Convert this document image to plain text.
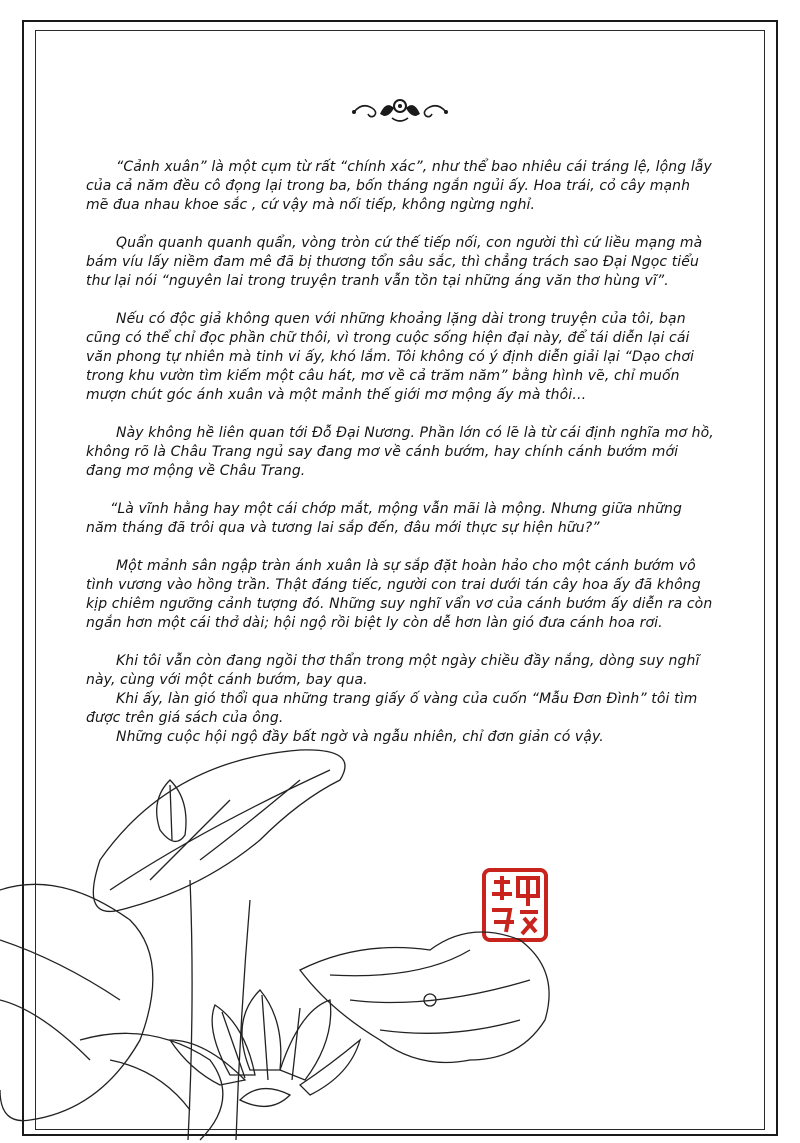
“Cảnh xuân” là một cụm từ rất “chính xác”, như thể bao nhiêu cái tráng lệ, lộng lẫy của cả năm đều cô đọng lại trong ba, bốn tháng ngắn ngủi ấy. Hoa trái, cỏ cây mạnh mẽ đua nhau khoe sắc , cứ vậy mà nối tiếp, không ngừng nghỉ.

Quẩn quanh quanh quẩn, vòng tròn cứ thế tiếp nối, con người thì cứ liều mạng mà bám víu lấy niềm đam mê đã bị thương tổn sâu sắc, thì chẳng trách sao Đại Ngọc tiểu thư lại nói “nguyên lai trong truyện tranh vẫn tồn tại những áng văn thơ hùng vĩ”.

Nếu có độc giả không quen với những khoảng lặng dài trong truyện của tôi, bạn cũng có thể chỉ đọc phần chữ thôi, vì trong cuộc sống hiện đại này, để tái diễn lại cái văn phong tự nhiên mà tinh vi ấy, khó lắm. Tôi không có ý định diễn giải lại “Dạo chơi trong khu vườn tìm kiếm một câu hát, mơ về cả trăm năm” bằng hình vẽ, chỉ muốn mượn chút góc ánh xuân và một mảnh thế giới mơ mộng ấy mà thôi…

Này không hề liên quan tới Đỗ Đại Nương. Phần lớn có lẽ là từ cái định nghĩa mơ hồ, không rõ là Châu Trang ngủ say đang mơ về cánh bướm, hay chính cánh bướm mới đang mơ mộng về Châu Trang.

“Là vĩnh hằng hay một cái chớp mắt, mộng vẫn mãi là mộng. Nhưng giữa những năm tháng đã trôi qua và tương lai sắp đến, đâu mới thực sự hiện hữu?”

Một mảnh sân ngập tràn ánh xuân là sự sắp đặt hoàn hảo cho một cánh bướm vô tình vương vào hồng trần. Thật đáng tiếc, người con trai dưới tán cây hoa ấy đã không kịp chiêm ngưỡng cảnh tượng đó. Những suy nghĩ vẩn vơ của cánh bướm ấy diễn ra còn ngắn hơn một cái thở dài; hội ngộ rồi biệt ly còn dễ hơn làn gió đưa cánh hoa rơi.

Khi tôi vẫn còn đang ngồi thơ thẩn trong một ngày chiều đầy nắng, dòng suy nghĩ này, cùng với một cánh bướm, bay qua.

Khi ấy, làn gió thổi qua những trang giấy ố vàng của cuốn “Mẫu Đơn Đình” tôi tìm được trên giá sách của ông.

Những cuộc hội ngộ đầy bất ngờ và ngẫu nhiên, chỉ đơn giản có vậy.
